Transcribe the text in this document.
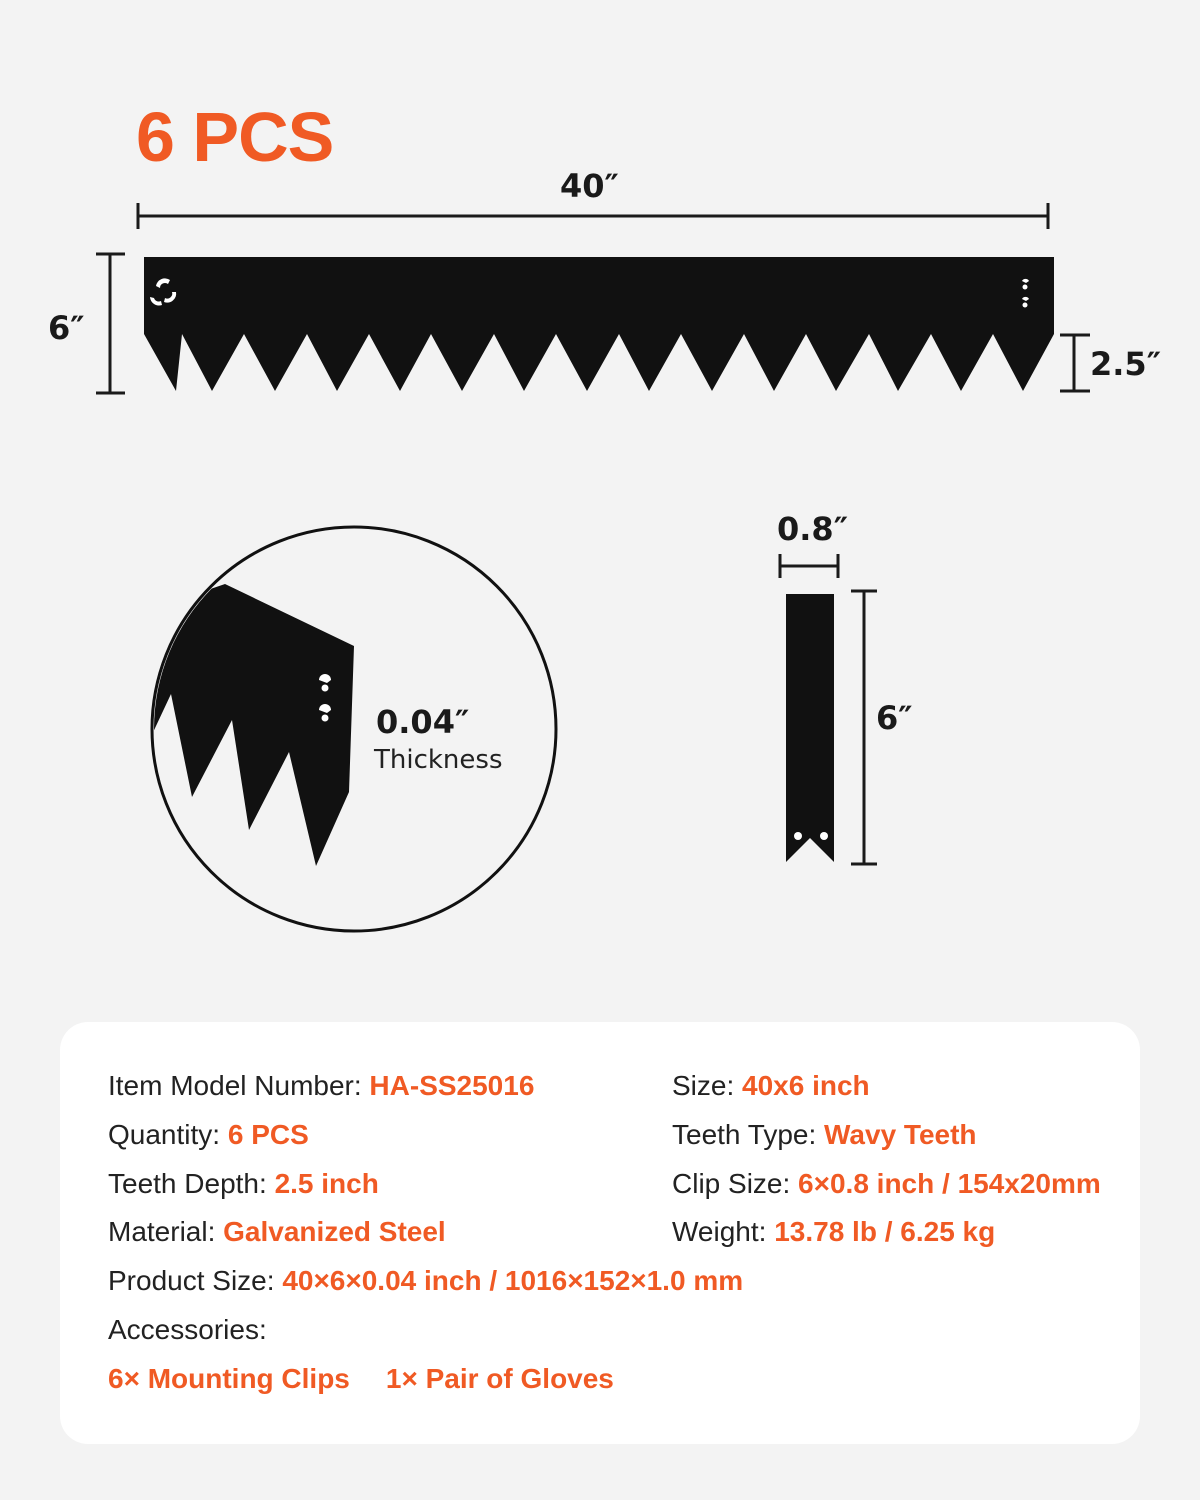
6 PCS
40″
6″
2.5″
0.04″
Thickness
0.8″
6″
Item Model Number: HA-SS25016	Size: 40x6 inch
Quantity: 6 PCS	Teeth Type: Wavy Teeth
Teeth Depth: 2.5 inch	Clip Size: 6×0.8 inch / 154x20mm
Material: Galvanized Steel	Weight: 13.78 lb / 6.25 kg
Product Size: 40×6×0.04 inch / 1016×152×1.0 mm
Accessories:
6× Mounting Clips 1× Pair of Gloves
